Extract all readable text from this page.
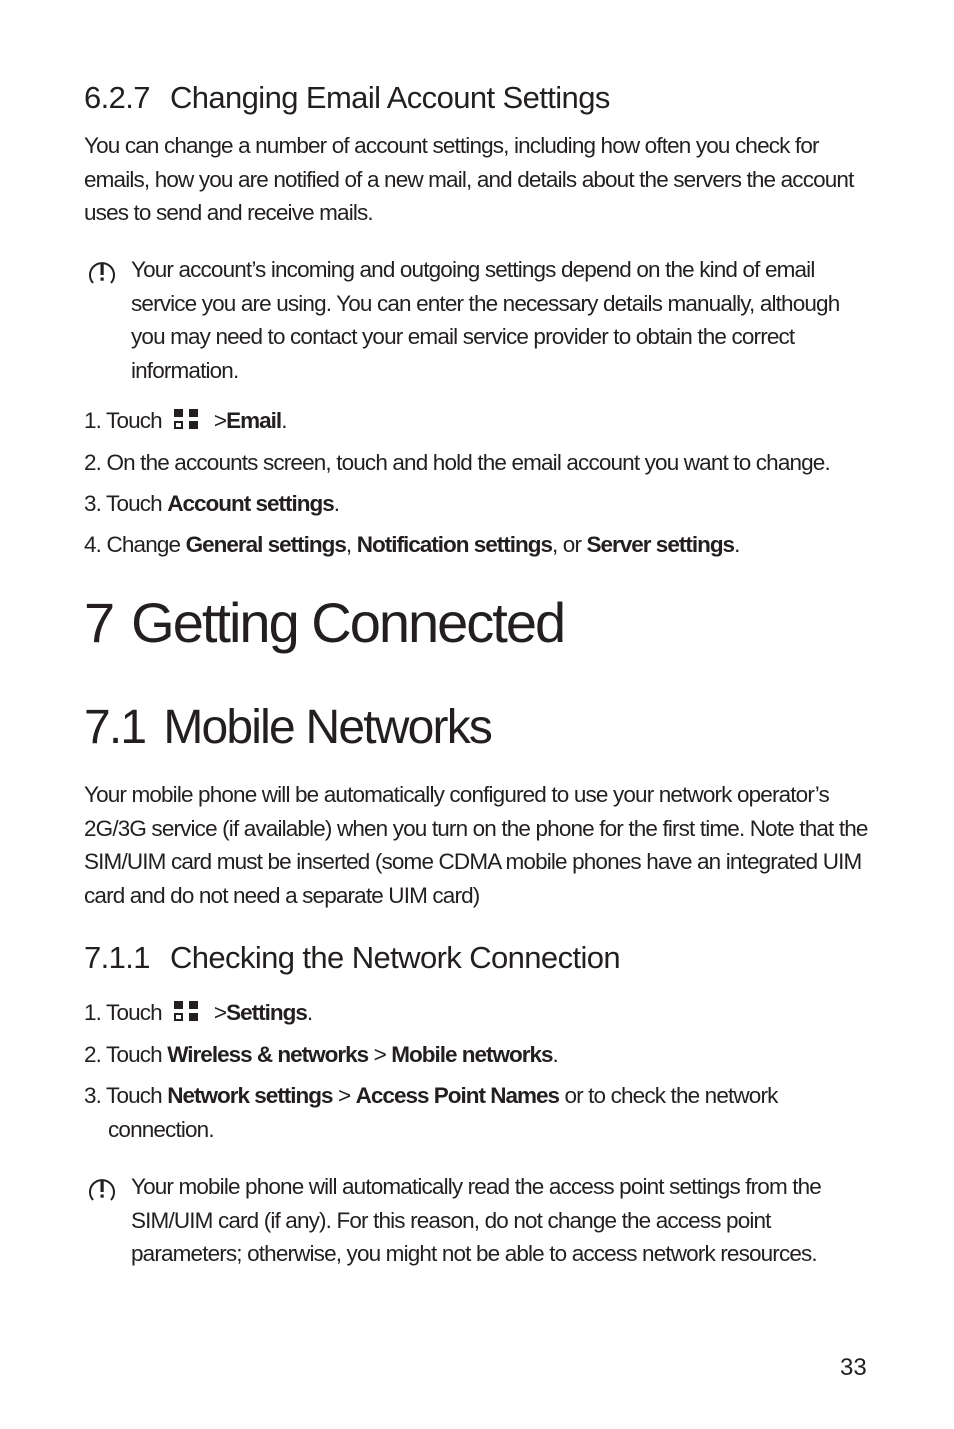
6.2.7 Changing Email Account Settings
You can change a number of account settings, including how often you check for emails, how you are notified of a new mail, and details about the servers the account uses to send and receive mails.
Your account’s incoming and outgoing settings depend on the kind of email service you are using. You can enter the necessary details manually, although you may need to contact your email service provider to obtain the correct information.
1. Touch >Email.
2. On the accounts screen, touch and hold the email account you want to change.
3. Touch Account settings.
4. Change General settings, Notification settings, or Server settings.
7 Getting Connected
7.1 Mobile Networks
Your mobile phone will be automatically configured to use your network operator’s 2G/3G service (if available) when you turn on the phone for the first time. Note that the SIM/UIM card must be inserted (some CDMA mobile phones have an integrated UIM card and do not need a separate UIM card)
7.1.1 Checking the Network Connection
1. Touch >Settings.
2. Touch Wireless & networks > Mobile networks.
3. Touch Network settings > Access Point Names or to check the network
connection.
Your mobile phone will automatically read the access point settings from the SIM/UIM card (if any). For this reason, do not change the access point parameters; otherwise, you might not be able to access network resources.
33
